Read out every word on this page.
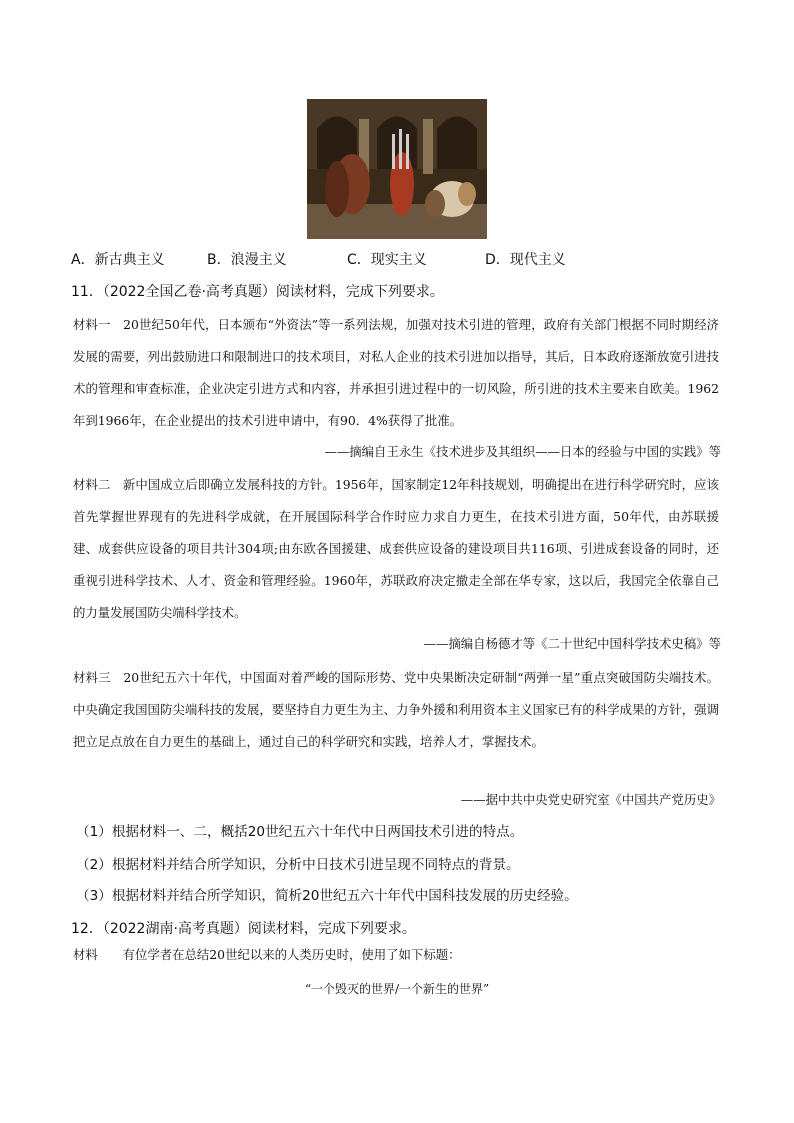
A．新古典主义	B．浪漫主义	C．现实主义	D．现代主义
11．（2022全国乙卷·高考真题）阅读材料，完成下列要求。
材料一　20世纪50年代，日本颁布“外资法”等一系列法规，加强对技术引进的管理，政府有关部门根据不同时期经济发展的需要，列出鼓励进口和限制进口的技术项目，对私人企业的技术引进加以指导，其后，日本政府逐渐放宽引进技术的管理和审查标准，企业决定引进方式和内容，并承担引进过程中的一切风险，所引进的技术主要来自欧美。1962年到1966年，在企业提出的技术引进申请中，有90．4%获得了批准。
——摘编自王永生《技术进步及其组织——日本的经验与中国的实践》等
材料二　新中国成立后即确立发展科技的方针。1956年，国家制定12年科技规划，明确提出在进行科学研究时，应该首先掌握世界现有的先进科学成就，在开展国际科学合作时应力求自力更生，在技术引进方面，50年代，由苏联援建、成套供应设备的项目共计304项;由东欧各国援建、成套供应设备的建设项目共116项、引进成套设备的同时，还重视引进科学技术、人才、资金和管理经验。1960年，苏联政府决定撤走全部在华专家，这以后，我国完全依靠自己的力量发展国防尖端科学技术。
——摘编自杨德才等《二十世纪中国科学技术史稿》等
材料三　20世纪五六十年代，中国面对着严峻的国际形势、党中央果断决定研制“两弹一星”重点突破国防尖端技术。中央确定我国国防尖端科技的发展，要坚持自力更生为主、力争外援和利用资本主义国家已有的科学成果的方针，强调把立足点放在自力更生的基础上，通过自己的科学研究和实践，培养人才，掌握技术。
——据中共中央党史研究室《中国共产党历史》
（1）根据材料一、二，概括20世纪五六十年代中日两国技术引进的特点。
（2）根据材料并结合所学知识，分析中日技术引进呈现不同特点的背景。
（3）根据材料并结合所学知识，简析20世纪五六十年代中国科技发展的历史经验。
12．（2022湖南·高考真题）阅读材料，完成下列要求。
材料　　有位学者在总结20世纪以来的人类历史时，使用了如下标题：
“一个毁灭的世界/一个新生的世界”
